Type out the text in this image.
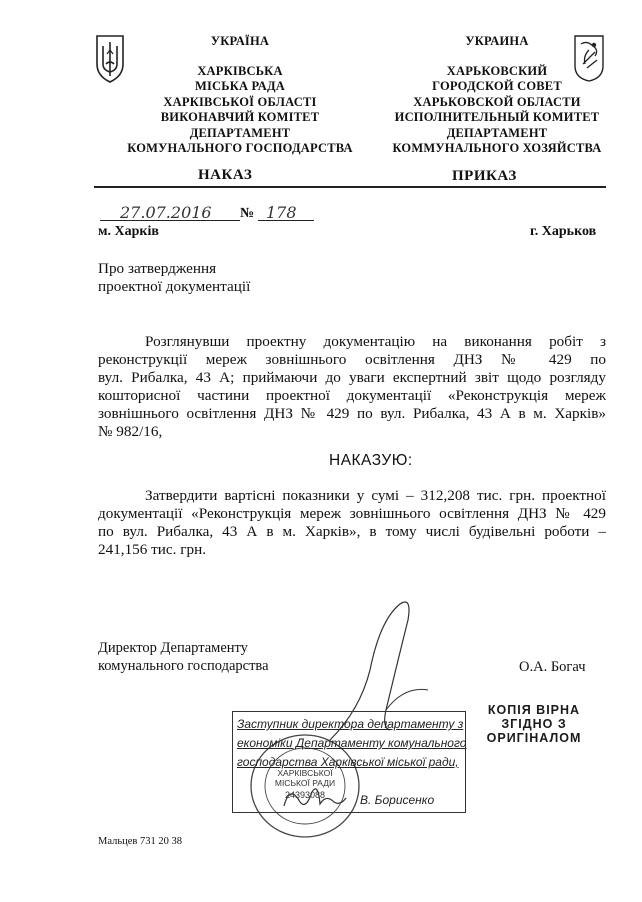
УКРАЇНА
ХАРКІВСЬКА
МІСЬКА РАДА
ХАРКІВСЬКОЇ ОБЛАСТІ
ВИКОНАВЧИЙ КОМІТЕТ
ДЕПАРТАМЕНТ
КОМУНАЛЬНОГО ГОСПОДАРСТВА
УКРАИНА
ХАРЬКОВСКИЙ
ГОРОДСКОЙ СОВЕТ
ХАРЬКОВСКОЙ ОБЛАСТИ
ИСПОЛНИТЕЛЬНЫЙ КОМИТЕТ
ДЕПАРТАМЕНТ
КОММУНАЛЬНОГО ХОЗЯЙСТВА
НАКАЗ	ПРИКАЗ
27.07.2016 № 178
м. Харків	г. Харьков
Про затвердження
проектної документації
Розглянувши проектну документацію на виконання робіт з
реконструкції мереж зовнішнього освітлення ДНЗ № 429 по
вул. Рибалка, 43 А; приймаючи до уваги експертний звіт щодо розгляду
кошторисної частини проектної документації «Реконструкція мереж
зовнішнього освітлення ДНЗ № 429 по вул. Рибалка, 43 А в м. Харків»
№ 982/16,
НАКАЗУЮ:
Затвердити вартісні показники у сумі – 312,208 тис. грн. проектної
документації «Реконструкція мереж зовнішнього освітлення ДНЗ № 429
по вул. Рибалка, 43 А в м. Харків», в тому числі будівельні роботи –
241,156 тис. грн.
Директор Департаменту
комунального господарства	О.А. Богач
КОПІЯ ВІРНА
ЗГІДНО З
ОРИГІНАЛОМ
ХАРКІВСЬКОЇ
МІСЬКОЇ РАДИ
24393088
Заступник директора департаменту з
економіки Департаменту комунального
господарства Харківської міської ради,
В. Борисенко
Мальцев 731 20 38
